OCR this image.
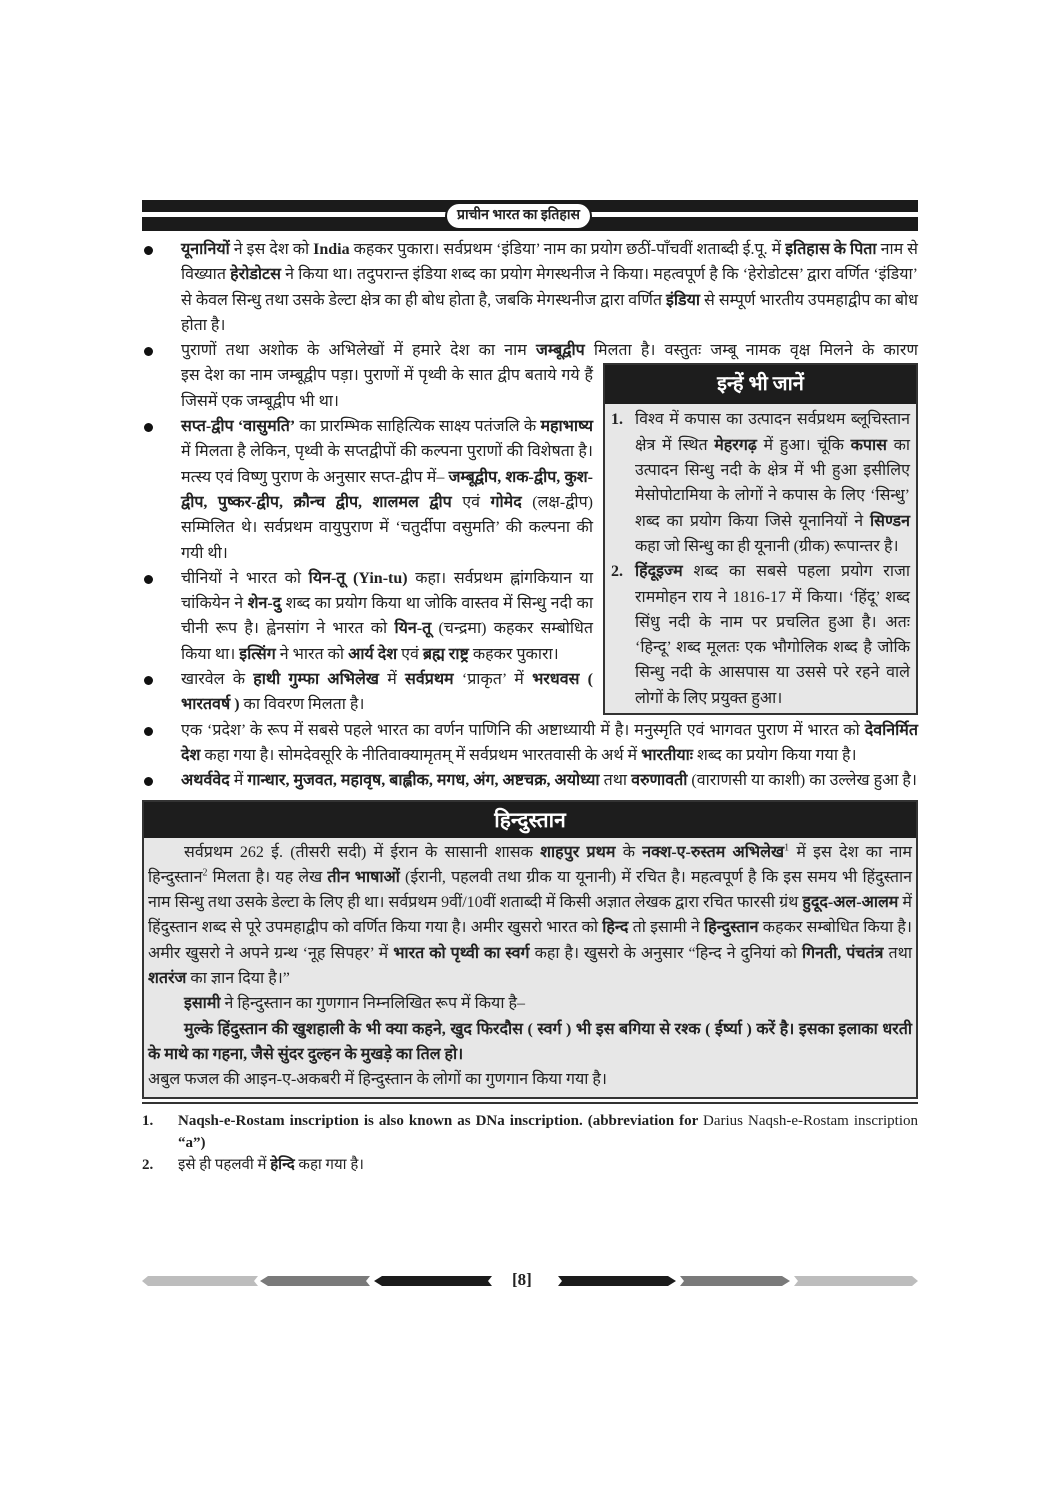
प्राचीन भारत का इतिहास
यूनानियों ने इस देश को India कहकर पुकारा। सर्वप्रथम ‘इंडिया’ नाम का प्रयोग छठीं-पाँचवीं शताब्दी ई.पू. में इतिहास के पिता नाम से विख्यात हेरोडोटस ने किया था। तदुपरान्त इंडिया शब्द का प्रयोग मेगस्थनीज ने किया। महत्वपूर्ण है कि ‘हेरोडोटस’ द्वारा वर्णित ‘इंडिया’ से केवल सिन्धु तथा उसके डेल्टा क्षेत्र का ही बोध होता है, जबकि मेगस्थनीज द्वारा वर्णित इंडिया से सम्पूर्ण भारतीय उपमहाद्वीप का बोध होता है।
पुराणों तथा अशोक के अभिलेखों में हमारे देश का नाम जम्बूद्वीप मिलता है। वस्तुतः जम्बू नामक वृक्ष मिलने के कारण
इन्हें भी जानें
1. विश्व में कपास का उत्पादन सर्वप्रथम ब्लूचिस्तान क्षेत्र में स्थित मेहरगढ़ में हुआ। चूंकि कपास का उत्पादन सिन्धु नदी के क्षेत्र में भी हुआ इसीलिए मेसोपोटामिया के लोगों ने कपास के लिए ‘सिन्धु’ शब्द का प्रयोग किया जिसे यूनानियों ने सिण्डन कहा जो सिन्धु का ही यूनानी (ग्रीक) रूपान्तर है।
2. हिंदूइज्म शब्द का सबसे पहला प्रयोग राजा राममोहन राय ने 1816-17 में किया। ‘हिंदू’ शब्द सिंधु नदी के नाम पर प्रचलित हुआ है। अतः ‘हिन्दू’ शब्द मूलतः एक भौगोलिक शब्द है जोकि सिन्धु नदी के आसपास या उससे परे रहने वाले लोगों के लिए प्रयुक्त हुआ।
इस देश का नाम जम्बूद्वीप पड़ा। पुराणों में पृथ्वी के सात द्वीप बताये गये हैं जिसमें एक जम्बूद्वीप भी था।
सप्त-द्वीप ‘वासुमति’ का प्रारम्भिक साहित्यिक साक्ष्य पतंजलि के महाभाष्य में मिलता है लेकिन, पृथ्वी के सप्तद्वीपों की कल्पना पुराणों की विशेषता है। मत्स्य एवं विष्णु पुराण के अनुसार सप्त-द्वीप में– जम्बूद्वीप, शक-द्वीप, कुश-द्वीप, पुष्कर-द्वीप, क्रौन्च द्वीप, शालमल द्वीप एवं गोमेद (लक्ष-द्वीप) सम्मिलित थे। सर्वप्रथम वायुपुराण में ‘चतुर्दीपा वसुमति’ की कल्पना की गयी थी।
चीनियों ने भारत को यिन-तू (Yin-tu) कहा। सर्वप्रथम ह्नांगकियान या चांकियेन ने शेन-दु शब्द का प्रयोग किया था जोकि वास्तव में सिन्धु नदी का चीनी रूप है। ह्वेनसांग ने भारत को यिन-तू (चन्द्रमा) कहकर सम्बोधित किया था। इत्सिंग ने भारत को आर्य देश एवं ब्रह्म राष्ट्र कहकर पुकारा।
खारवेल के हाथी गुम्फा अभिलेख में सर्वप्रथम ‘प्राकृत’ में भरधवस ( भारतवर्ष ) का विवरण मिलता है।
एक ‘प्रदेश’ के रूप में सबसे पहले भारत का वर्णन पाणिनि की अष्टाध्यायी में है। मनुस्मृति एवं भागवत पुराण में भारत को देवनिर्मित देश कहा गया है। सोमदेवसूरि के नीतिवाक्यामृतम् में सर्वप्रथम भारतवासी के अर्थ में भारतीयाः शब्द का प्रयोग किया गया है।
अथर्ववेद में गान्धार, मुजवत, महावृष, बाह्लीक, मगध, अंग, अष्टचक्र, अयोध्या तथा वरुणावती (वाराणसी या काशी) का उल्लेख हुआ है।
हिन्दुस्तान

सर्वप्रथम 262 ई. (तीसरी सदी) में ईरान के सासानी शासक शाहपुर प्रथम के नक्श-ए-रुस्तम अभिलेख$^1$ में इस देश का नाम हिन्दुस्तान$^2$ मिलता है। यह लेख तीन भाषाओं (ईरानी, पहलवी तथा ग्रीक या यूनानी) में रचित है। महत्वपूर्ण है कि इस समय भी हिंदुस्तान नाम सिन्धु तथा उसके डेल्टा के लिए ही था। सर्वप्रथम 9वीं/10वीं शताब्दी में किसी अज्ञात लेखक द्वारा रचित फारसी ग्रंथ हुदूद-अल-आलम में हिंदुस्तान शब्द से पूरे उपमहाद्वीप को वर्णित किया गया है। अमीर खुसरो भारत को हिन्द तो इसामी ने हिन्दुस्तान कहकर सम्बोधित किया है। अमीर खुसरो ने अपने ग्रन्थ ‘नूह सिपहर’ में भारत को पृथ्वी का स्वर्ग कहा है। खुसरो के अनुसार “हिन्द ने दुनियां को गिनती, पंचतंत्र तथा शतरंज का ज्ञान दिया है।”

इसामी ने हिन्दुस्तान का गुणगान निम्नलिखित रूप में किया है–

मुल्के हिंदुस्तान की खुशहाली के भी क्या कहने, खुद फिरदौस ( स्वर्ग ) भी इस बगिया से रश्क ( ईर्ष्या ) करें है। इसका इलाका धरती के माथे का गहना, जैसे सुंदर दुल्हन के मुखड़े का तिल हो।

अबुल फजल की आइन-ए-अकबरी में हिन्दुस्तान के लोगों का गुणगान किया गया है।

1. Naqsh-e-Rostam inscription is also known as DNa inscription. (abbreviation for Darius Naqsh-e-Rostam inscription “a”)
2. इसे ही पहलवी में हेन्दि कहा गया है।
[8]
